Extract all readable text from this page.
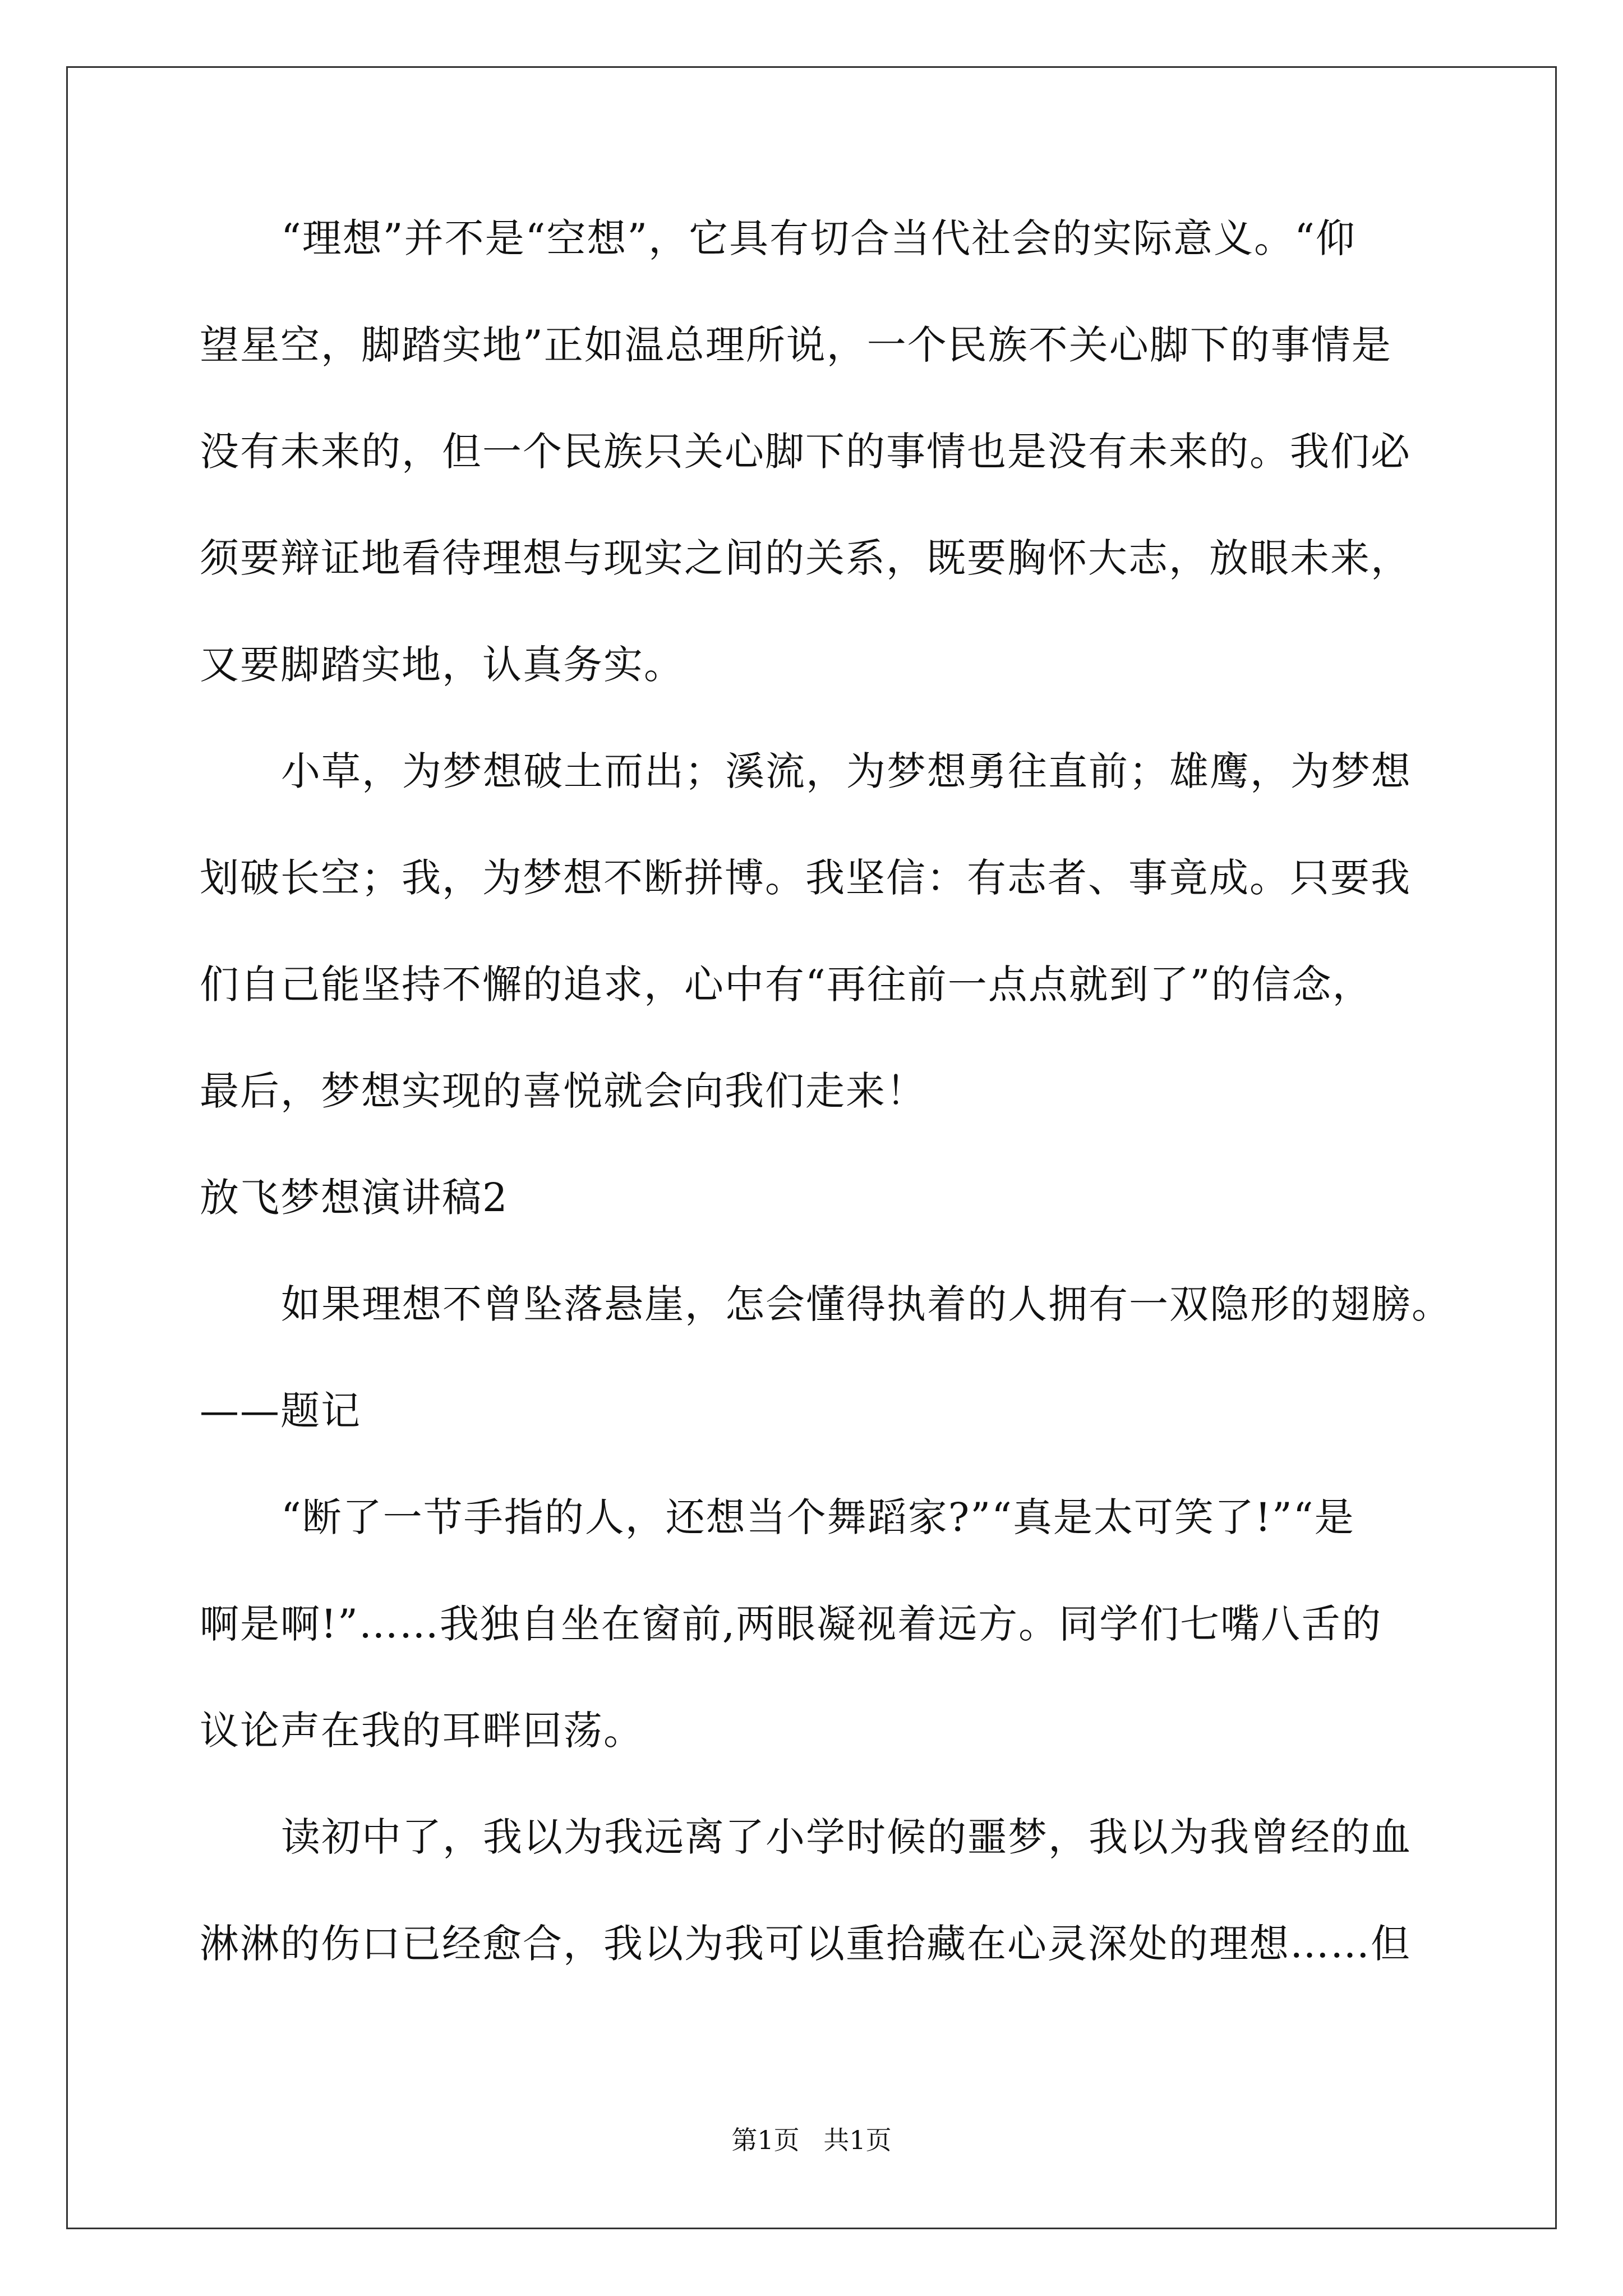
“理想”并不是“空想”，它具有切合当代社会的实际意义。“仰
望星空，脚踏实地”正如温总理所说，一个民族不关心脚下的事情是
没有未来的，但一个民族只关心脚下的事情也是没有未来的。我们必
须要辩证地看待理想与现实之间的关系，既要胸怀大志，放眼未来，
又要脚踏实地，认真务实。
小草，为梦想破土而出；溪流，为梦想勇往直前；雄鹰，为梦想
划破长空；我，为梦想不断拼博。我坚信：有志者、事竟成。只要我
们自己能坚持不懈的追求，心中有“再往前一点点就到了”的信念，
最后，梦想实现的喜悦就会向我们走来！
放飞梦想演讲稿2
如果理想不曾坠落悬崖，怎会懂得执着的人拥有一双隐形的翅膀。
——题记
“断了一节手指的人，还想当个舞蹈家?”“真是太可笑了!”“是
啊是啊!”……我独自坐在窗前,两眼凝视着远方。同学们七嘴八舌的
议论声在我的耳畔回荡。
读初中了，我以为我远离了小学时候的噩梦，我以为我曾经的血
淋淋的伤口已经愈合，我以为我可以重拾藏在心灵深处的理想……但
第1页 共1页
